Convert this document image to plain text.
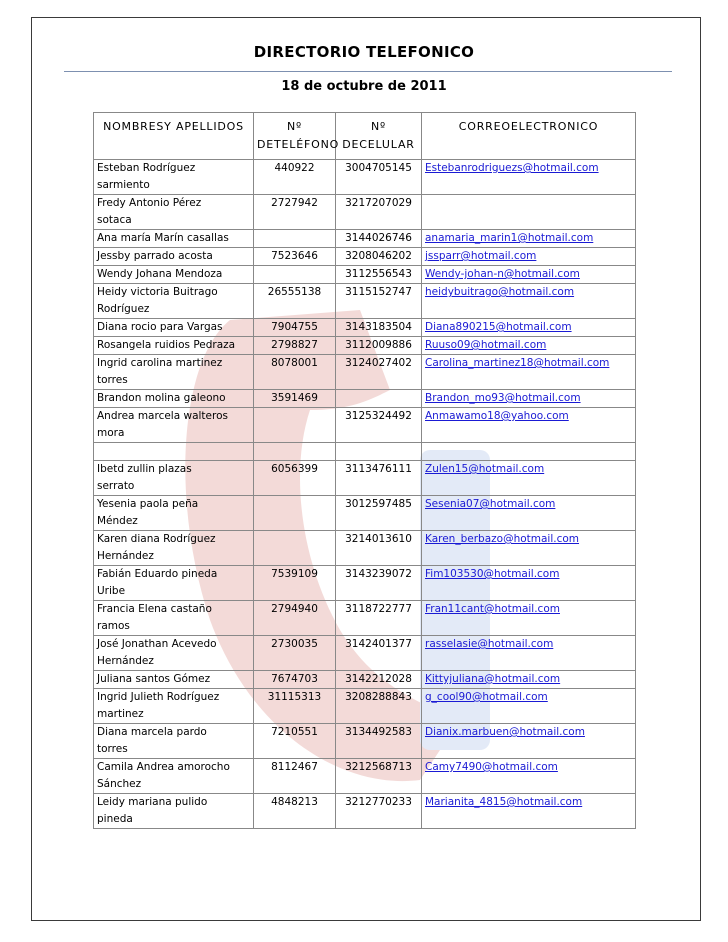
DIRECTORIO TELEFONICO
18 de octubre de 2011
NOMBRESY APELLIDOS	Nº DETELÉFONO	Nº DECELULAR	CORREOELECTRONICO

Esteban Rodríguez
sarmiento	440922	3004705145	Estebanrodriguezs@hotmail.com

Fredy Antonio Pérez
sotaca	2727942	3217207029	

Ana maría Marín casallas		3144026746	anamaria_marin1@hotmail.com

Jessby parrado acosta	7523646	3208046202	jssparr@hotmail.com

Wendy Johana Mendoza		3112556543	Wendy-johan-n@hotmail.com

Heidy victoria Buitrago
Rodríguez	26555138	3115152747	heidybuitrago@hotmail.com

Diana rocio para Vargas	7904755	3143183504	Diana890215@hotmail.com

Rosangela ruidios Pedraza	2798827	3112009886	Ruuso09@hotmail.com

Ingrid carolina martinez
torres	8078001	3124027402	Carolina_martinez18@hotmail.com

Brandon molina galeono	3591469		Brandon_mo93@hotmail.com

Andrea marcela walteros
mora		3125324492	Anmawamo18@yahoo.com

Ibetd zullin plazas
serrato	6056399	3113476111	Zulen15@hotmail.com

Yesenia paola peña
Méndez		3012597485	Sesenia07@hotmail.com

Karen diana Rodríguez
Hernández		3214013610	Karen_berbazo@hotmail.com

Fabián Eduardo pineda
Uribe	7539109	3143239072	Fim103530@hotmail.com

Francia Elena castaño
ramos	2794940	3118722777	Fran11cant@hotmail.com

José Jonathan Acevedo
Hernández	2730035	3142401377	rasselasie@hotmail.com

Juliana santos Gómez	7674703	3142212028	Kittyjuliana@hotmail.com

Ingrid Julieth Rodríguez
martinez	31115313	3208288843	g_cool90@hotmail.com

Diana marcela pardo
torres	7210551	3134492583	Dianix.marbuen@hotmail.com

Camila Andrea amorocho
Sánchez	8112467	3212568713	Camy7490@hotmail.com

Leidy mariana pulido
pineda	4848213	3212770233	Marianita_4815@hotmail.com
